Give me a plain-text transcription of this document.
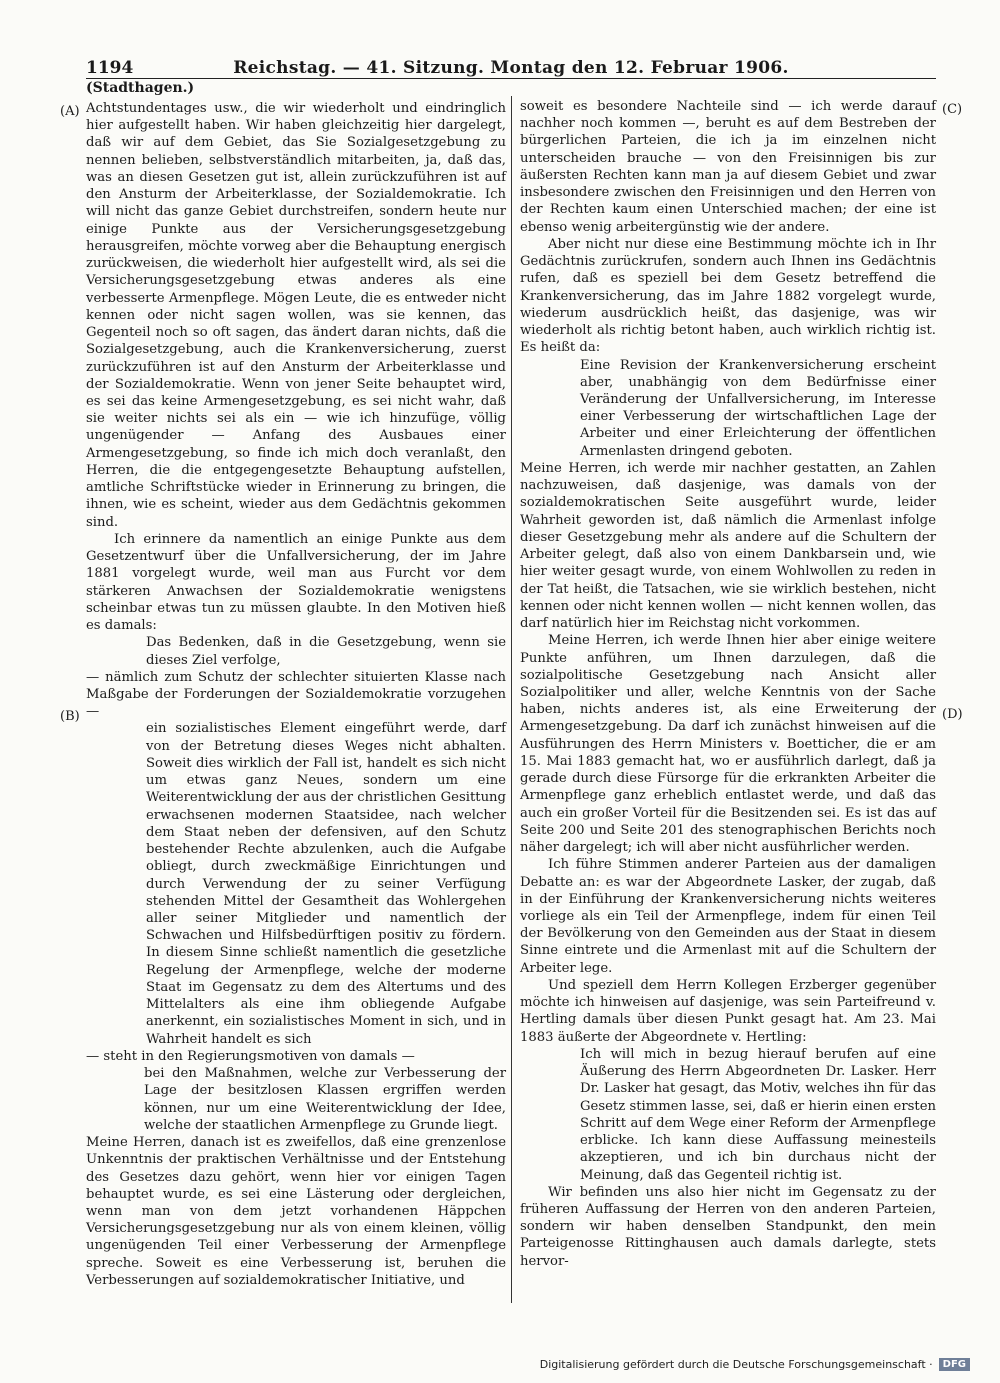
1194	Reichstag. — 41. Sitzung. Montag den 12. Februar 1906.
(Stadthagen.)
(A)
(B)
(C)
(D)

Achtstundentages usw., die wir wiederholt und eindringlich hier aufgestellt haben. Wir haben gleichzeitig hier dargelegt, daß wir auf dem Gebiet, das Sie Sozialgesetzgebung zu nennen belieben, selbstverständlich mitarbeiten, ja, daß das, was an diesen Gesetzen gut ist, allein zurückzuführen ist auf den Ansturm der Arbeiterklasse, der Sozialdemokratie. Ich will nicht das ganze Gebiet durchstreifen, sondern heute nur einige Punkte aus der Versicherungsgesetzgebung herausgreifen, möchte vorweg aber die Behauptung energisch zurückweisen, die wiederholt hier aufgestellt wird, als sei die Versicherungsgesetzgebung etwas anderes als eine verbesserte Armenpflege. Mögen Leute, die es entweder nicht kennen oder nicht sagen wollen, was sie kennen, das Gegenteil noch so oft sagen, das ändert daran nichts, daß die Sozialgesetzgebung, auch die Krankenversicherung, zuerst zurückzuführen ist auf den Ansturm der Arbeiterklasse und der Sozialdemokratie. Wenn von jener Seite behauptet wird, es sei das keine Armengesetzgebung, es sei nicht wahr, daß sie weiter nichts sei als ein — wie ich hinzufüge, völlig ungenügender — Anfang des Ausbaues einer Armengesetzgebung, so finde ich mich doch veranlaßt, den Herren, die die entgegengesetzte Behauptung aufstellen, amtliche Schriftstücke wieder in Erinnerung zu bringen, die ihnen, wie es scheint, wieder aus dem Gedächtnis gekommen sind.

Ich erinnere da namentlich an einige Punkte aus dem Gesetzentwurf über die Unfallversicherung, der im Jahre 1881 vorgelegt wurde, weil man aus Furcht vor dem stärkeren Anwachsen der Sozialdemokratie wenigstens scheinbar etwas tun zu müssen glaubte. In den Motiven hieß es damals:

Das Bedenken, daß in die Gesetzgebung, wenn sie dieses Ziel verfolge,

— nämlich zum Schutz der schlechter situierten Klasse nach Maßgabe der Forderungen der Sozialdemokratie vorzugehen —

ein sozialistisches Element eingeführt werde, darf von der Betretung dieses Weges nicht abhalten. Soweit dies wirklich der Fall ist, handelt es sich nicht um etwas ganz Neues, sondern um eine Weiterentwicklung der aus der christlichen Gesittung erwachsenen modernen Staatsidee, nach welcher dem Staat neben der defensiven, auf den Schutz bestehender Rechte abzulenken, auch die Aufgabe obliegt, durch zweckmäßige Einrichtungen und durch Verwendung der zu seiner Verfügung stehenden Mittel der Gesamtheit das Wohlergehen aller seiner Mitglieder und namentlich der Schwachen und Hilfsbedürftigen positiv zu fördern. In diesem Sinne schließt namentlich die gesetzliche Regelung der Armenpflege, welche der moderne Staat im Gegensatz zu dem des Altertums und des Mittelalters als eine ihm obliegende Aufgabe anerkennt, ein sozialistisches Moment in sich, und in Wahrheit handelt es sich

— steht in den Regierungsmotiven von damals —

bei den Maßnahmen, welche zur Verbesserung der Lage der besitzlosen Klassen ergriffen werden können, nur um eine Weiterentwicklung der Idee, welche der staatlichen Armenpflege zu Grunde liegt.

Meine Herren, danach ist es zweifellos, daß eine grenzenlose Unkenntnis der praktischen Verhältnisse und der Entstehung des Gesetzes dazu gehört, wenn hier vor einigen Tagen behauptet wurde, es sei eine Lästerung oder dergleichen, wenn man von dem jetzt vorhandenen Häppchen Versicherungsgesetzgebung nur als von einem kleinen, völlig ungenügenden Teil einer Verbesserung der Armenpflege spreche. Soweit es eine Verbesserung ist, beruhen die Verbesserungen auf sozialdemokratischer Initiative, und

soweit es besondere Nachteile sind — ich werde darauf nachher noch kommen —, beruht es auf dem Bestreben der bürgerlichen Parteien, die ich ja im einzelnen nicht unterscheiden brauche — von den Freisinnigen bis zur äußersten Rechten kann man ja auf diesem Gebiet und zwar insbesondere zwischen den Freisinnigen und den Herren von der Rechten kaum einen Unterschied machen; der eine ist ebenso wenig arbeitergünstig wie der andere.

Aber nicht nur diese eine Bestimmung möchte ich in Ihr Gedächtnis zurückrufen, sondern auch Ihnen ins Gedächtnis rufen, daß es speziell bei dem Gesetz betreffend die Krankenversicherung, das im Jahre 1882 vorgelegt wurde, wiederum ausdrücklich heißt, das dasjenige, was wir wiederholt als richtig betont haben, auch wirklich richtig ist. Es heißt da:

Eine Revision der Krankenversicherung erscheint aber, unabhängig von dem Bedürfnisse einer Veränderung der Unfallversicherung, im Interesse einer Verbesserung der wirtschaftlichen Lage der Arbeiter und einer Erleichterung der öffentlichen Armenlasten dringend geboten.

Meine Herren, ich werde mir nachher gestatten, an Zahlen nachzuweisen, daß dasjenige, was damals von der sozialdemokratischen Seite ausgeführt wurde, leider Wahrheit geworden ist, daß nämlich die Armenlast infolge dieser Gesetzgebung mehr als andere auf die Schultern der Arbeiter gelegt, daß also von einem Dankbarsein und, wie hier weiter gesagt wurde, von einem Wohlwollen zu reden in der Tat heißt, die Tatsachen, wie sie wirklich bestehen, nicht kennen oder nicht kennen wollen — nicht kennen wollen, das darf natürlich hier im Reichstag nicht vorkommen.

Meine Herren, ich werde Ihnen hier aber einige weitere Punkte anführen, um Ihnen darzulegen, daß die sozialpolitische Gesetzgebung nach Ansicht aller Sozialpolitiker und aller, welche Kenntnis von der Sache haben, nichts anderes ist, als eine Erweiterung der Armengesetzgebung. Da darf ich zunächst hinweisen auf die Ausführungen des Herrn Ministers v. Boetticher, die er am 15. Mai 1883 gemacht hat, wo er ausführlich darlegt, daß ja gerade durch diese Fürsorge für die erkrankten Arbeiter die Armenpflege ganz erheblich entlastet werde, und daß das auch ein großer Vorteil für die Besitzenden sei. Es ist das auf Seite 200 und Seite 201 des stenographischen Berichts noch näher dargelegt; ich will aber nicht ausführlicher werden.

Ich führe Stimmen anderer Parteien aus der damaligen Debatte an: es war der Abgeordnete Lasker, der zugab, daß in der Einführung der Krankenversicherung nichts weiteres vorliege als ein Teil der Armenpflege, indem für einen Teil der Bevölkerung von den Gemeinden aus der Staat in diesem Sinne eintrete und die Armenlast mit auf die Schultern der Arbeiter lege.

Und speziell dem Herrn Kollegen Erzberger gegenüber möchte ich hinweisen auf dasjenige, was sein Parteifreund v. Hertling damals über diesen Punkt gesagt hat. Am 23. Mai 1883 äußerte der Abgeordnete v. Hertling:

Ich will mich in bezug hierauf berufen auf eine Äußerung des Herrn Abgeordneten Dr. Lasker. Herr Dr. Lasker hat gesagt, das Motiv, welches ihn für das Gesetz stimmen lasse, sei, daß er hierin einen ersten Schritt auf dem Wege einer Reform der Armenpflege erblicke. Ich kann diese Auffassung meinesteils akzeptieren, und ich bin durchaus nicht der Meinung, daß das Gegenteil richtig ist.

Wir befinden uns also hier nicht im Gegensatz zu der früheren Auffassung der Herren von den anderen Parteien, sondern wir haben denselben Standpunkt, den mein Parteigenosse Rittinghausen auch damals darlegte, stets hervor-

Digitalisierung gefördert durch die Deutsche Forschungsgemeinschaft ·	DFG
